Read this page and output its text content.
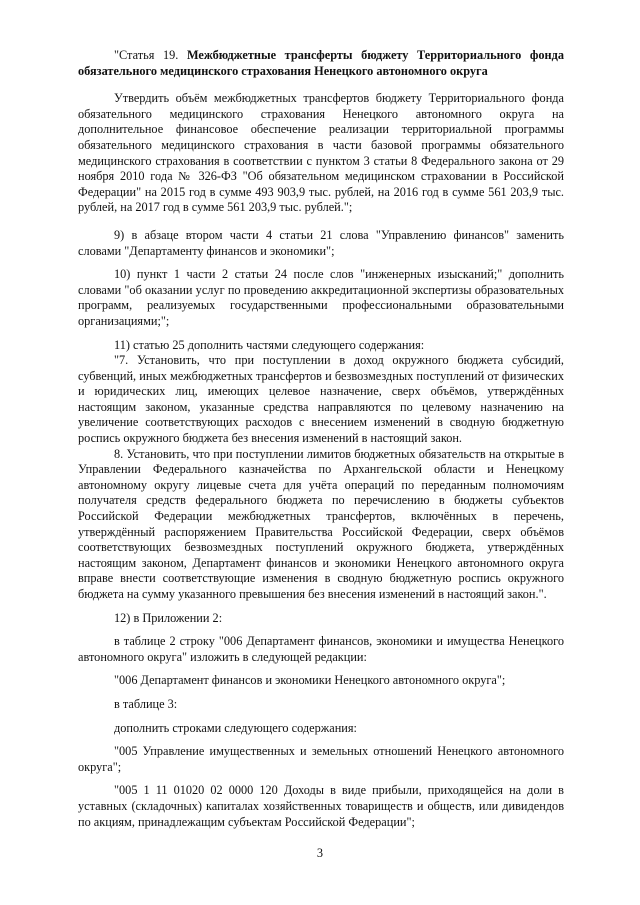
"Статья 19. Межбюджетные трансферты бюджету Территориального фонда обязательного медицинского страхования Ненецкого автономного округа

Утвердить объём межбюджетных трансфертов бюджету Территориального фонда обязательного медицинского страхования Ненецкого автономного округа на дополнительное финансовое обеспечение реализации территориальной программы обязательного медицинского страхования в части базовой программы обязательного медицинского страхования в соответствии с пунктом 3 статьи 8 Федерального закона от 29 ноября 2010 года № 326-ФЗ "Об обязательном медицинском страховании в Российской Федерации" на 2015 год в сумме 493 903,9 тыс. рублей, на 2016 год в сумме 561 203,9 тыс. рублей, на 2017 год в сумме 561 203,9 тыс. рублей.";

9) в абзаце втором части 4 статьи 21 слова "Управлению финансов" заменить словами "Департаменту финансов и экономики";

10) пункт 1 части 2 статьи 24 после слов "инженерных изысканий;" дополнить словами "об оказании услуг по проведению аккредитационной экспертизы образовательных программ, реализуемых государственными профессиональными образовательными организациями;";

11) статью 25 дополнить частями следующего содержания:

"7. Установить, что при поступлении в доход окружного бюджета субсидий, субвенций, иных межбюджетных трансфертов и безвозмездных поступлений от физических и юридических лиц, имеющих целевое назначение, сверх объёмов, утверждённых настоящим законом, указанные средства направляются по целевому назначению на увеличение соответствующих расходов с внесением изменений в сводную бюджетную роспись окружного бюджета без внесения изменений в настоящий закон.

8. Установить, что при поступлении лимитов бюджетных обязательств на открытые в Управлении Федерального казначейства по Архангельской области и Ненецкому автономному округу лицевые счета для учёта операций по переданным полномочиям получателя средств федерального бюджета по перечислению в бюджеты субъектов Российской Федерации межбюджетных трансфертов, включённых в перечень, утверждённый распоряжением Правительства Российской Федерации, сверх объёмов соответствующих безвозмездных поступлений окружного бюджета, утверждённых настоящим законом, Департамент финансов и экономики Ненецкого автономного округа вправе внести соответствующие изменения в сводную бюджетную роспись окружного бюджета на сумму указанного превышения без внесения изменений в настоящий закон.".

12) в Приложении 2:

в таблице 2 строку "006 Департамент финансов, экономики и имущества Ненецкого автономного округа" изложить в следующей редакции:

"006 Департамент финансов и экономики Ненецкого автономного округа";

в таблице 3:

дополнить строками следующего содержания:

"005 Управление имущественных и земельных отношений Ненецкого автономного округа";

"005 1 11 01020 02 0000 120 Доходы в виде прибыли, приходящейся на доли в уставных (складочных) капиталах хозяйственных товариществ и обществ, или дивидендов по акциям, принадлежащим субъектам Российской Федерации";

3
